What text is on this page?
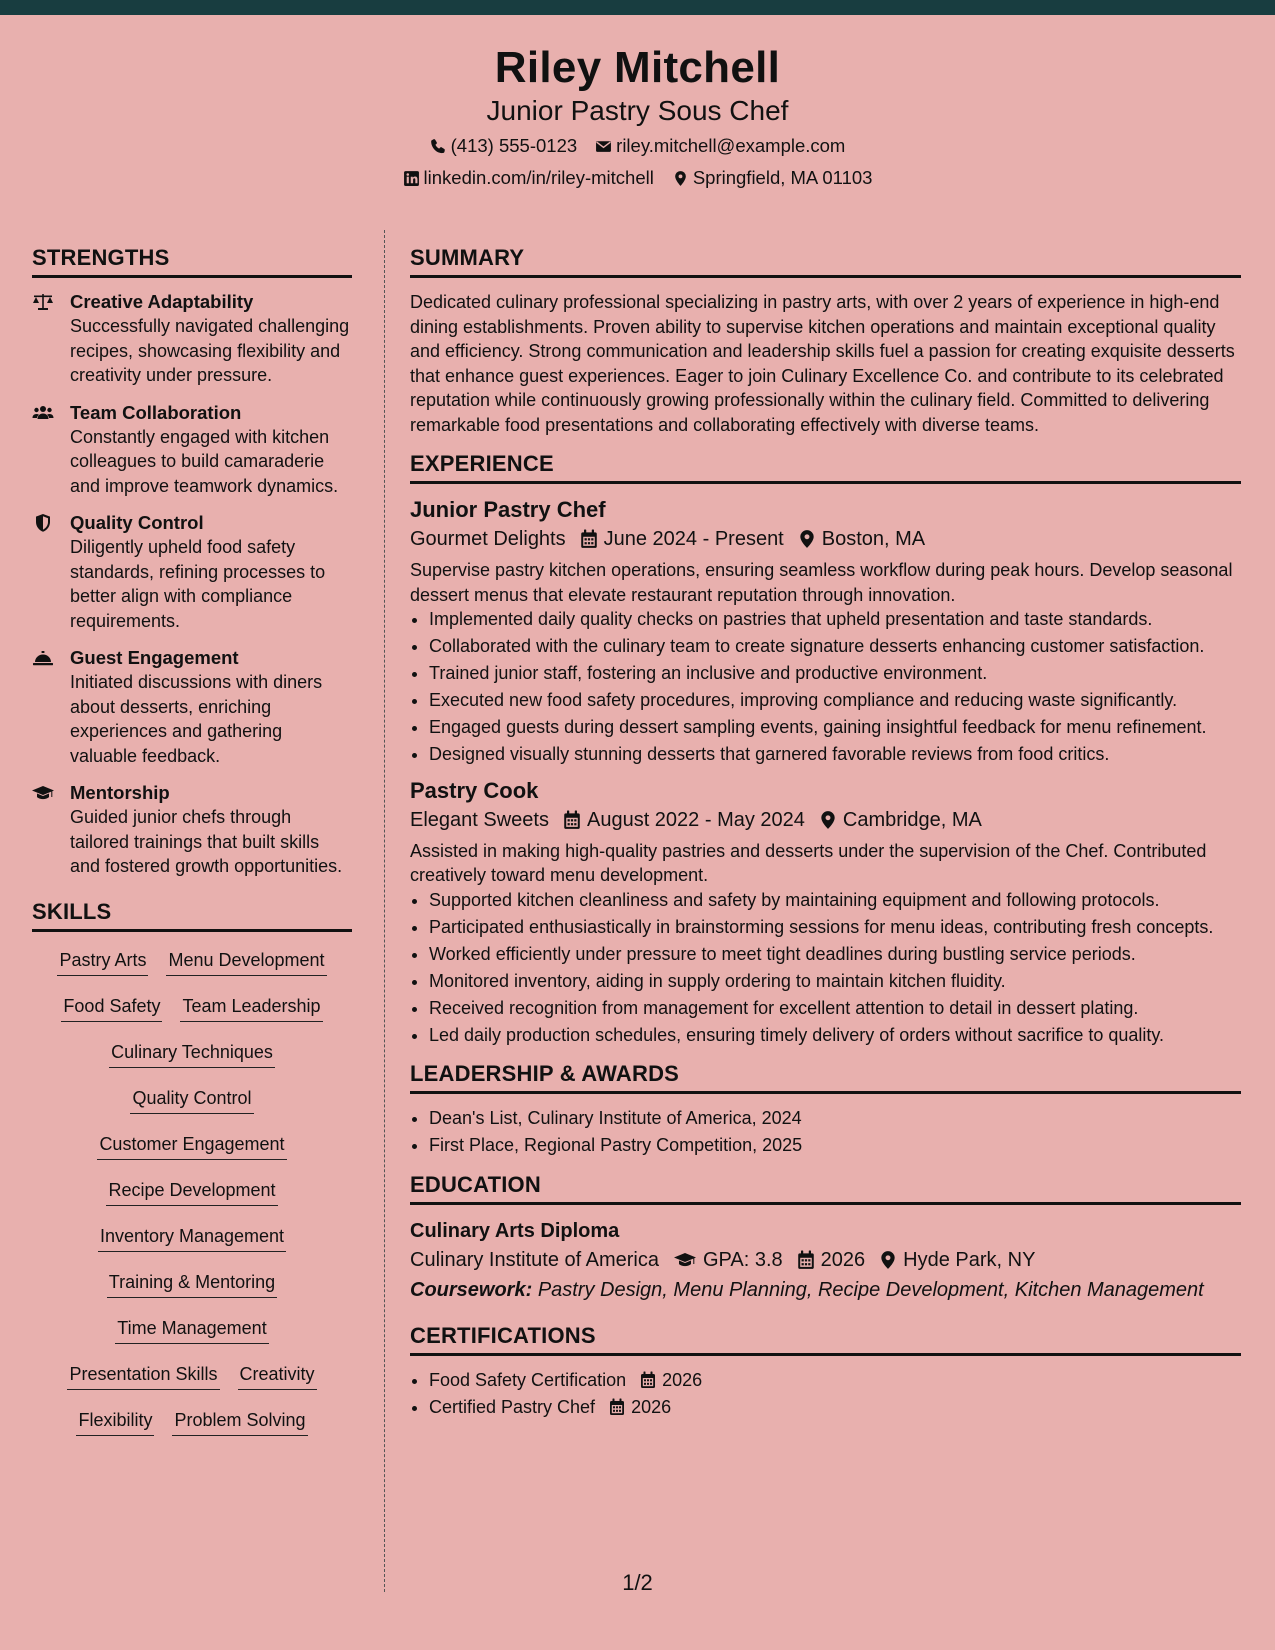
Riley Mitchell
Junior Pastry Sous Chef
(413) 555-0123 riley.mitchell@example.com
linkedin.com/in/riley-mitchell Springfield, MA 01103
STRENGTHS
Creative Adaptability
Successfully navigated challenging recipes, showcasing flexibility and creativity under pressure.
Team Collaboration
Constantly engaged with kitchen colleagues to build camaraderie and improve teamwork dynamics.
Quality Control
Diligently upheld food safety standards, refining processes to better align with compliance requirements.
Guest Engagement
Initiated discussions with diners about desserts, enriching experiences and gathering valuable feedback.
Mentorship
Guided junior chefs through tailored trainings that built skills and fostered growth opportunities.
SKILLS
Pastry Arts Menu Development
Food Safety Team Leadership
Culinary Techniques
Quality Control
Customer Engagement
Recipe Development
Inventory Management
Training & Mentoring
Time Management
Presentation Skills Creativity
Flexibility Problem Solving
SUMMARY

Dedicated culinary professional specializing in pastry arts, with over 2 years of experience in high-end dining establishments. Proven ability to supervise kitchen operations and maintain exceptional quality and efficiency. Strong communication and leadership skills fuel a passion for creating exquisite desserts that enhance guest experiences. Eager to join Culinary Excellence Co. and contribute to its celebrated reputation while continuously growing professionally within the culinary field. Committed to delivering remarkable food presentations and collaborating effectively with diverse teams.

EXPERIENCE
Junior Pastry Chef
Gourmet Delights June 2024 - Present Boston, MA

Supervise pastry kitchen operations, ensuring seamless workflow during peak hours. Develop seasonal dessert menus that elevate restaurant reputation through innovation.

• Implemented daily quality checks on pastries that upheld presentation and taste standards.
• Collaborated with the culinary team to create signature desserts enhancing customer satisfaction.
• Trained junior staff, fostering an inclusive and productive environment.
• Executed new food safety procedures, improving compliance and reducing waste significantly.
• Engaged guests during dessert sampling events, gaining insightful feedback for menu refinement.
• Designed visually stunning desserts that garnered favorable reviews from food critics.
Pastry Cook
Elegant Sweets August 2022 - May 2024 Cambridge, MA

Assisted in making high-quality pastries and desserts under the supervision of the Chef. Contributed creatively toward menu development.

• Supported kitchen cleanliness and safety by maintaining equipment and following protocols.
• Participated enthusiastically in brainstorming sessions for menu ideas, contributing fresh concepts.
• Worked efficiently under pressure to meet tight deadlines during bustling service periods.
• Monitored inventory, aiding in supply ordering to maintain kitchen fluidity.
• Received recognition from management for excellent attention to detail in dessert plating.
• Led daily production schedules, ensuring timely delivery of orders without sacrifice to quality.
LEADERSHIP & AWARDS
• Dean's List, Culinary Institute of America, 2024
• First Place, Regional Pastry Competition, 2025
EDUCATION
Culinary Arts Diploma
Culinary Institute of America GPA: 3.8 2026 Hyde Park, NY
Coursework: Pastry Design, Menu Planning, Recipe Development, Kitchen Management
CERTIFICATIONS
• Food Safety Certification 2026
• Certified Pastry Chef 2026
1/2
